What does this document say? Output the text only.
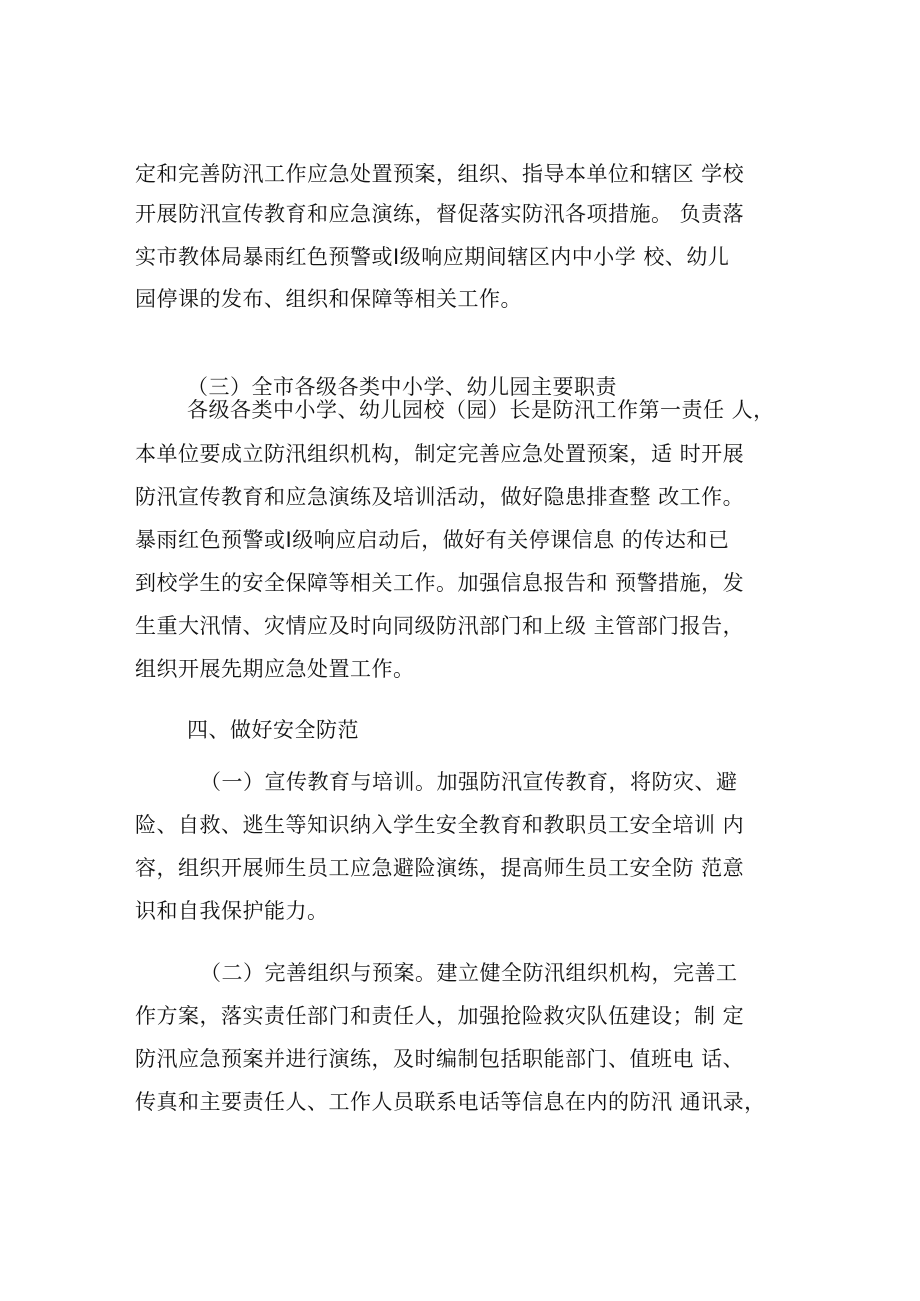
定和完善防汛工作应急处置预案，组织、指导本单位和辖区 学校
开展防汛宣传教育和应急演练，督促落实防汛各项措施。 负责落
实市教体局暴雨红色预警或I级响应期间辖区内中小学 校、幼儿
园停课的发布、组织和保障等相关工作。
（三）全市各级各类中小学、幼儿园主要职责
各级各类中小学、幼儿园校（园）长是防汛工作第一责任 人，
本单位要成立防汛组织机构，制定完善应急处置预案，适 时开展
防汛宣传教育和应急演练及培训活动，做好隐患排查整 改工作。
暴雨红色预警或I级响应启动后，做好有关停课信息 的传达和已
到校学生的安全保障等相关工作。加强信息报告和 预警措施，发
生重大汛情、灾情应及时向同级防汛部门和上级 主管部门报告，
组织开展先期应急处置工作。
四、做好安全防范
（一）宣传教育与培训。加强防汛宣传教育，将防灾、避
险、自救、逃生等知识纳入学生安全教育和教职员工安全培训 内
容，组织开展师生员工应急避险演练，提高师生员工安全防 范意
识和自我保护能力。
（二）完善组织与预案。建立健全防汛组织机构，完善工
作方案，落实责任部门和责任人，加强抢险救灾队伍建设；制 定
防汛应急预案并进行演练，及时编制包括职能部门、值班电 话、
传真和主要责任人、工作人员联系电话等信息在内的防汛 通讯录，
